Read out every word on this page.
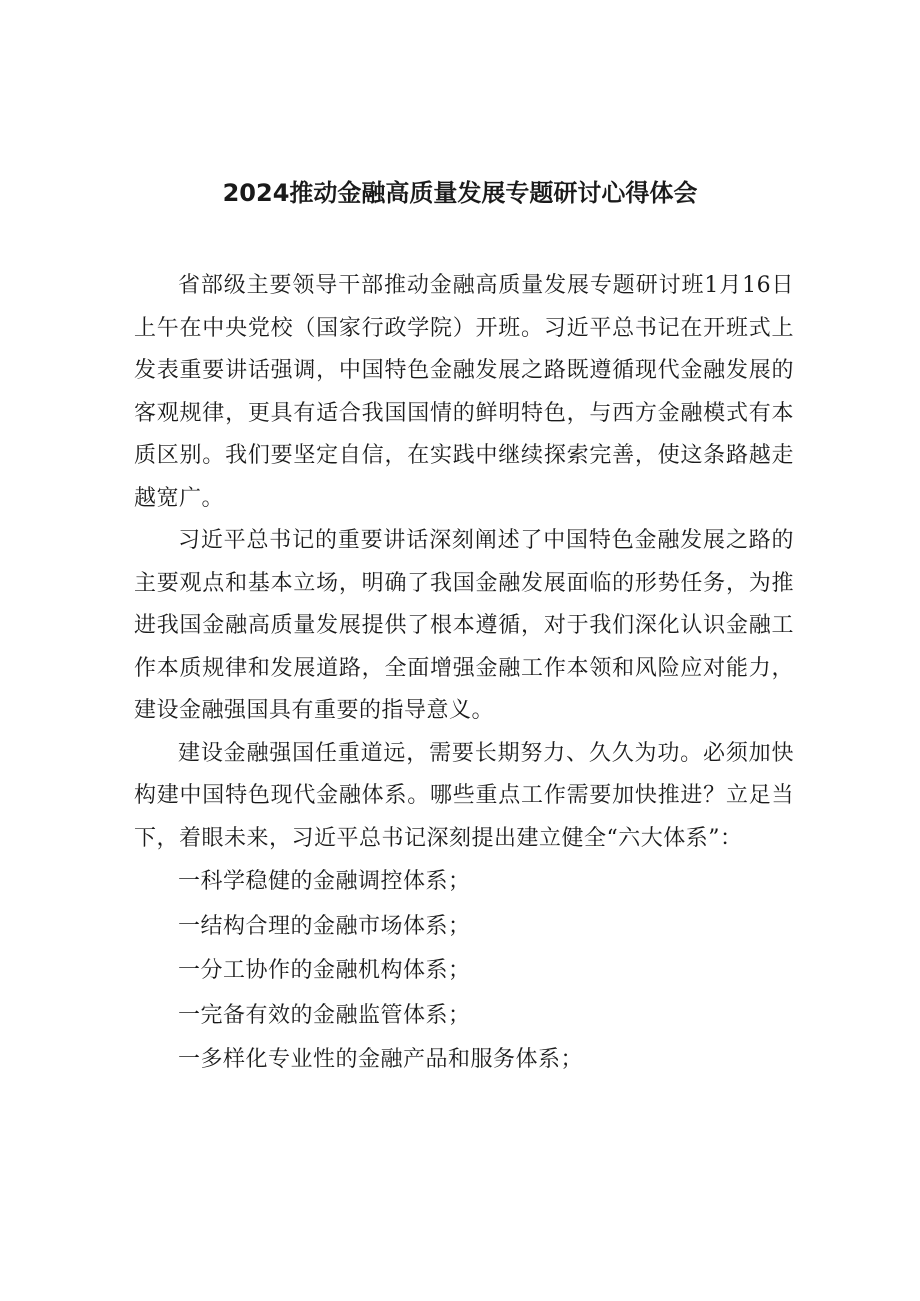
2024推动金融高质量发展专题研讨心得体会

省部级主要领导干部推动金融高质量发展专题研讨班1月16日上午在中央党校（国家行政学院）开班。习近平总书记在开班式上发表重要讲话强调，中国特色金融发展之路既遵循现代金融发展的客观规律，更具有适合我国国情的鲜明特色，与西方金融模式有本质区别。我们要坚定自信，在实践中继续探索完善，使这条路越走越宽广。

习近平总书记的重要讲话深刻阐述了中国特色金融发展之路的主要观点和基本立场，明确了我国金融发展面临的形势任务，为推进我国金融高质量发展提供了根本遵循，对于我们深化认识金融工作本质规律和发展道路，全面增强金融工作本领和风险应对能力，建设金融强国具有重要的指导意义。

建设金融强国任重道远，需要长期努力、久久为功。必须加快构建中国特色现代金融体系。哪些重点工作需要加快推进？立足当下，着眼未来，习近平总书记深刻提出建立健全“六大体系”：

一科学稳健的金融调控体系；

一结构合理的金融市场体系；

一分工协作的金融机构体系；

一完备有效的金融监管体系；

一多样化专业性的金融产品和服务体系；
